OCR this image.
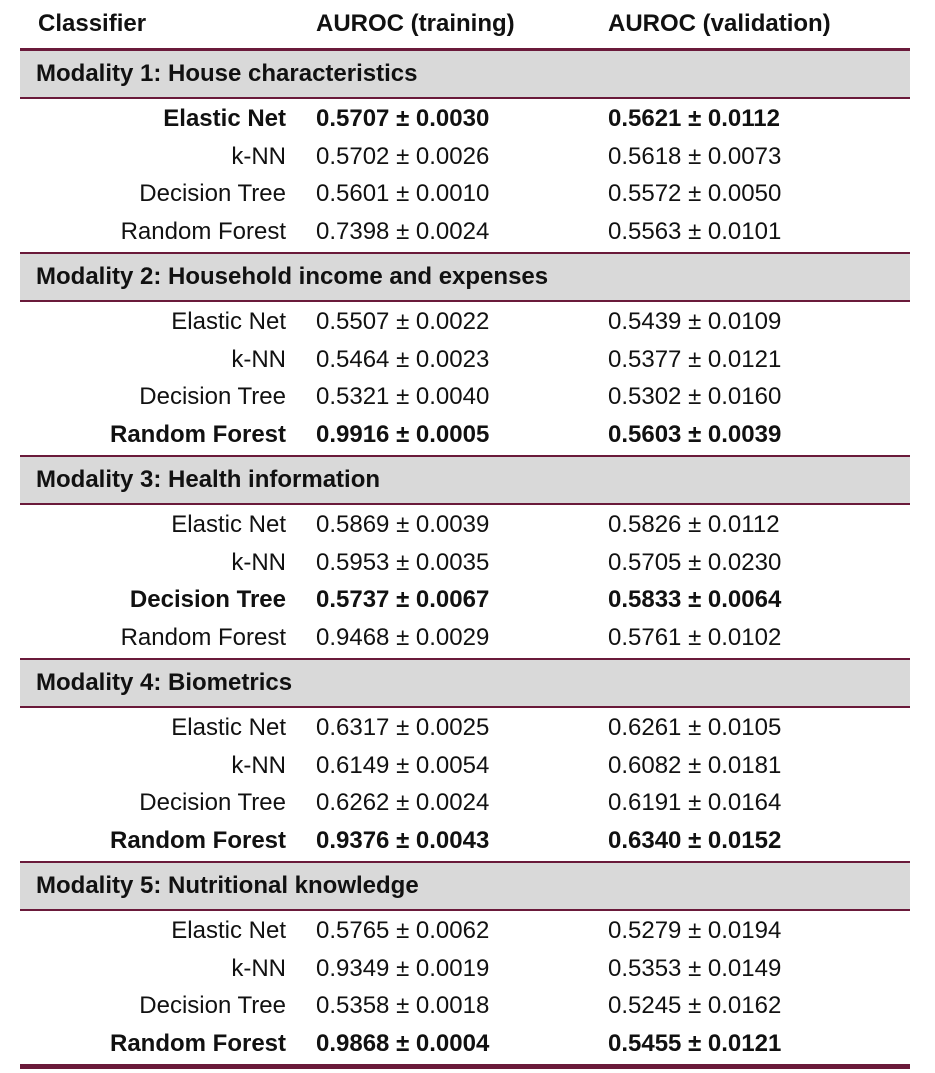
Classifier	AUROC (training)	AUROC (validation)
Modality 1: House characteristics
Elastic Net 0.5707 ± 0.0030	0.5621 ± 0.0112
k-NN 0.5702 ± 0.0026	0.5618 ± 0.0073
Decision Tree 0.5601 ± 0.0010	0.5572 ± 0.0050
Random Forest 0.7398 ± 0.0024	0.5563 ± 0.0101
Modality 2: Household income and expenses
Elastic Net 0.5507 ± 0.0022	0.5439 ± 0.0109
k-NN 0.5464 ± 0.0023	0.5377 ± 0.0121
Decision Tree 0.5321 ± 0.0040	0.5302 ± 0.0160
Random Forest 0.9916 ± 0.0005	0.5603 ± 0.0039
Modality 3: Health information
Elastic Net 0.5869 ± 0.0039	0.5826 ± 0.0112
k-NN 0.5953 ± 0.0035	0.5705 ± 0.0230
Decision Tree 0.5737 ± 0.0067	0.5833 ± 0.0064
Random Forest 0.9468 ± 0.0029	0.5761 ± 0.0102
Modality 4: Biometrics
Elastic Net 0.6317 ± 0.0025	0.6261 ± 0.0105
k-NN 0.6149 ± 0.0054	0.6082 ± 0.0181
Decision Tree 0.6262 ± 0.0024	0.6191 ± 0.0164
Random Forest 0.9376 ± 0.0043	0.6340 ± 0.0152
Modality 5: Nutritional knowledge
Elastic Net 0.5765 ± 0.0062	0.5279 ± 0.0194
k-NN 0.9349 ± 0.0019	0.5353 ± 0.0149
Decision Tree 0.5358 ± 0.0018	0.5245 ± 0.0162
Random Forest 0.9868 ± 0.0004	0.5455 ± 0.0121
